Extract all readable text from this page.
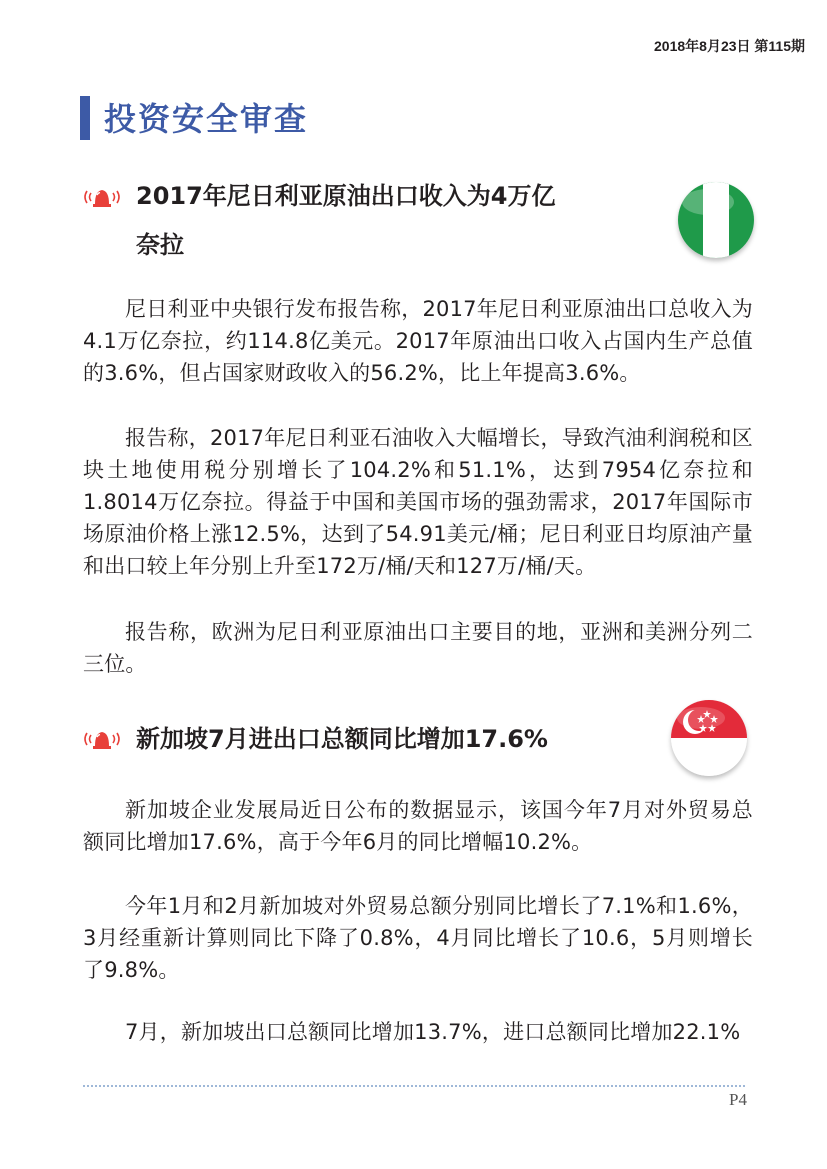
2018年8月23日 第115期
投资安全审查
2017年尼日利亚原油出口收入为4万亿
奈拉

尼日利亚中央银行发布报告称，2017年尼日利亚原油出口总收入为4.1万亿奈拉，约114.8亿美元。2017年原油出口收入占国内生产总值的3.6%，但占国家财政收入的56.2%，比上年提高3.6%。

报告称，2017年尼日利亚石油收入大幅增长，导致汽油利润税和区块土地使用税分别增长了104.2%和51.1%，达到7954亿奈拉和1.8014万亿奈拉。得益于中国和美国市场的强劲需求，2017年国际市场原油价格上涨12.5%，达到了54.91美元/桶；尼日利亚日均原油产量和出口较上年分别上升至172万/桶/天和127万/桶/天。

报告称，欧洲为尼日利亚原油出口主要目的地，亚洲和美洲分列二三位。

新加坡7月进出口总额同比增加17.6%

新加坡企业发展局近日公布的数据显示，该国今年7月对外贸易总额同比增加17.6%，高于今年6月的同比增幅10.2%。

今年1月和2月新加坡对外贸易总额分别同比增长了7.1%和1.6%，3月经重新计算则同比下降了0.8%，4月同比增长了10.6，5月则增长了9.8%。

7月，新加坡出口总额同比增加13.7%，进口总额同比增加22.1%

P4
